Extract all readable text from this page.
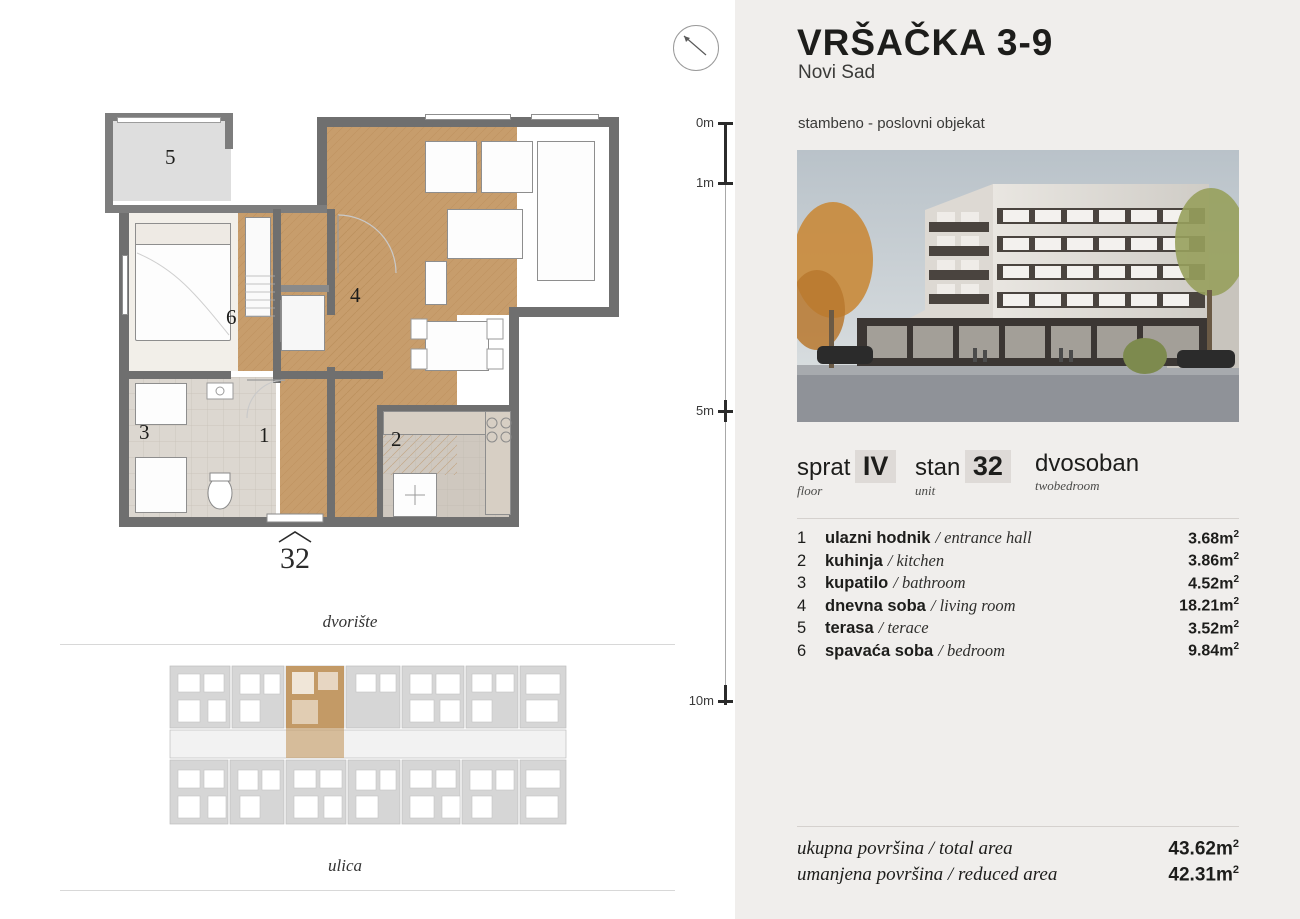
0m
1m
5m
10m
5
6
4
3	1	2
32
dvorište
ulica
VRŠAČKA 3-9
Novi Sad
stambeno - poslovni objekat
sprat IV
floor
stan 32
unit
dvosoban
twobedroom
1	ulazni hodnik / entrance hall	$3.68m^2$
2	kuhinja / kitchen	$3.86m^2$
3	kupatilo / bathroom	$4.52m^2$
4	dnevna soba / living room	$18.21m^2$
5	terasa / terace	$3.52m^2$
6	spavaća soba / bedroom	$9.84m^2$
ukupna površina / total area	$43.62m^2$
umanjena površina / reduced area	$42.31m^2$
